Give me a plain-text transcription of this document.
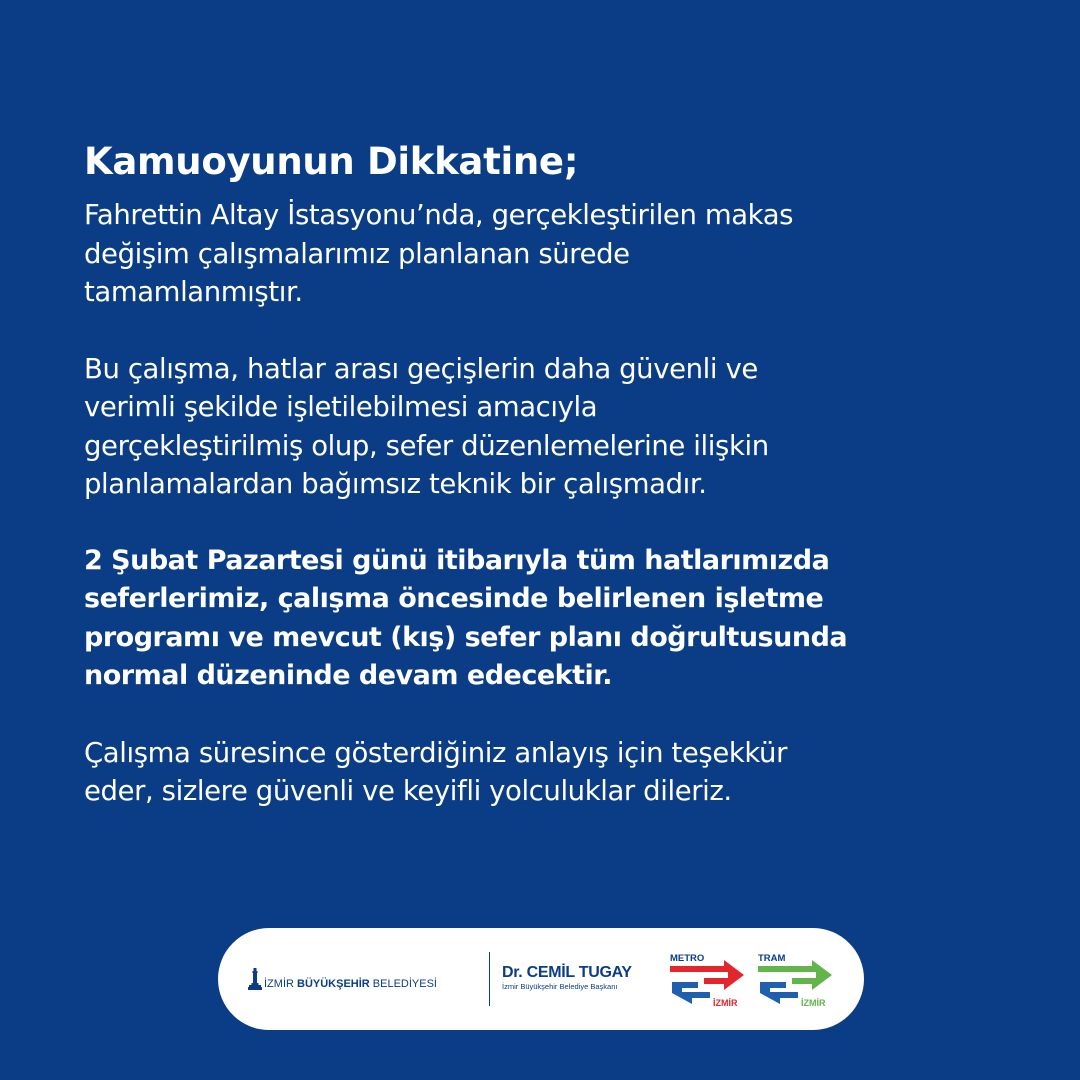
Kamuoyunun Dikkatine;

Fahrettin Altay İstasyonu’nda, gerçekleştirilen makas
değişim çalışmalarımız planlanan sürede
tamamlanmıştır.

Bu çalışma, hatlar arası geçişlerin daha güvenli ve
verimli şekilde işletilebilmesi amacıyla
gerçekleştirilmiş olup, sefer düzenlemelerine ilişkin
planlamalardan bağımsız teknik bir çalışmadır.

2 Şubat Pazartesi günü itibarıyla tüm hatlarımızda
seferlerimiz, çalışma öncesinde belirlenen işletme
programı ve mevcut (kış) sefer planı doğrultusunda
normal düzeninde devam edecektir.

Çalışma süresince gösterdiğiniz anlayış için teşekkür
eder, sizlere güvenli ve keyifli yolculuklar dileriz.

İZMİR BÜYÜKŞEHİR BELEDİYESİ
Dr. CEMİL TUGAY
İzmir Büyükşehir Belediye Başkanı
METRO
İZMİR
TRAM
İZMİR
